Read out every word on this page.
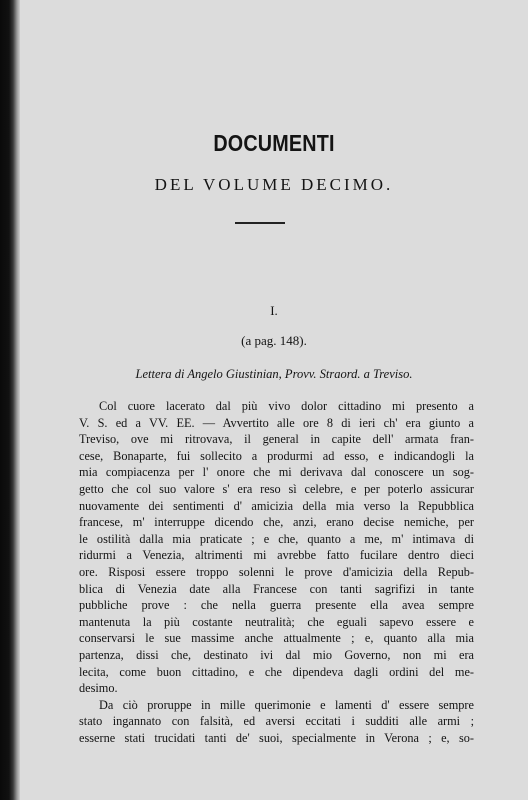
DOCUMENTI
DEL VOLUME DECIMO.
I.
(a pag. 148).
Lettera di Angelo Giustinian, Provv. Straord. a Treviso.
Col cuore lacerato dal più vivo dolor cittadino mi presento a
V. S. ed a VV. EE. — Avvertito alle ore 8 di ieri ch' era giunto a
Treviso, ove mi ritrovava, il general in capite dell' armata fran-
cese, Bonaparte, fui sollecito a produrmi ad esso, e indicandogli la
mia compiacenza per l' onore che mi derivava dal conoscere un sog-
getto che col suo valore s' era reso sì celebre, e per poterlo assicurar
nuovamente dei sentimenti d' amicizia della mia verso la Repubblica
francese, m' interruppe dicendo che, anzi, erano decise nemiche, per
le ostilità dalla mia praticate ; e che, quanto a me, m' intimava di
ridurmi a Venezia, altrimenti mi avrebbe fatto fucilare dentro dieci
ore. Risposi essere troppo solenni le prove d'amicizia della Repub-
blica di Venezia date alla Francese con tanti sagrifizi in tante
pubbliche prove : che nella guerra presente ella avea sempre
mantenuta la più costante neutralità; che eguali sapevo essere e
conservarsi le sue massime anche attualmente ; e, quanto alla mia
partenza, dissi che, destinato ivi dal mio Governo, non mi era
lecita, come buon cittadino, e che dipendeva dagli ordini del me-
desimo.
Da ciò proruppe in mille querimonie e lamenti d' essere sempre
stato ingannato con falsità, ed aversi eccitati i sudditi alle armi ;
esserne stati trucidati tanti de' suoi, specialmente in Verona ; e, so-
